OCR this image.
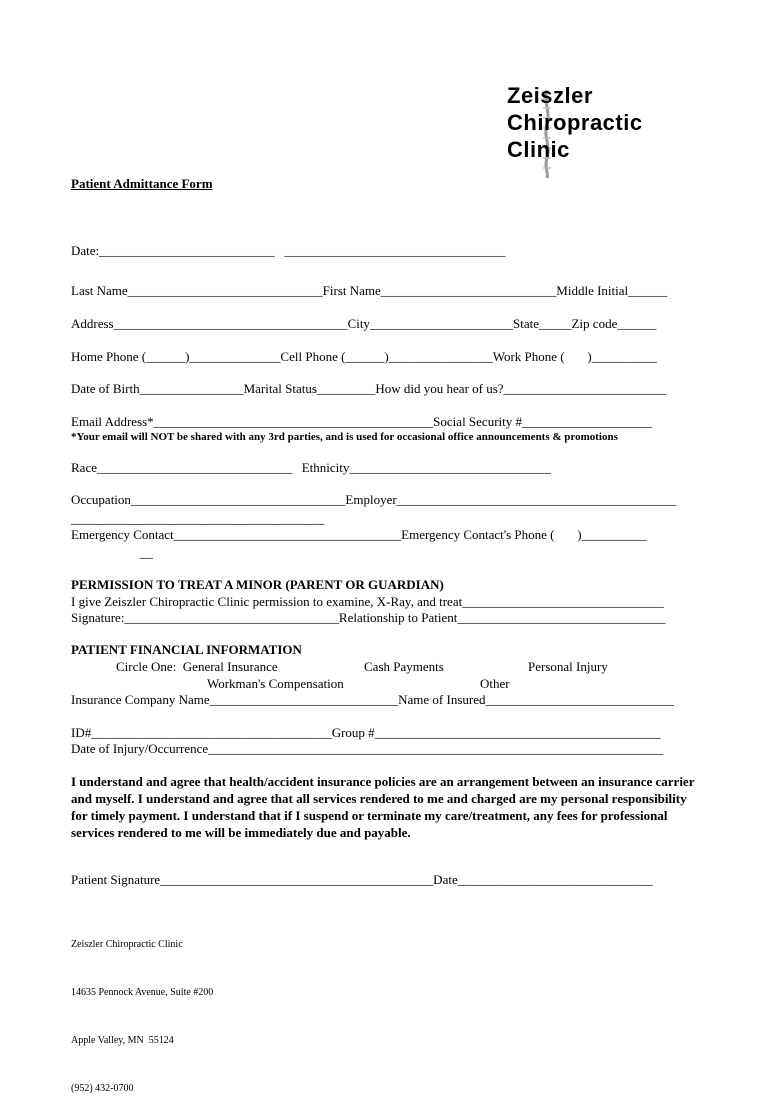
Zeiszler

Chiropractic

Clinic

Patient Admittance Form
Date:___________________________   __________________________________
Last Name______________________________First Name___________________________Middle Initial______
Address____________________________________City______________________State_____Zip code______
Home Phone (______)______________Cell Phone (______)________________Work Phone (       )__________
Date of Birth________________Marital Status_________How did you hear of us?_________________________
Email Address*___________________________________________Social Security #____________________
*Your email will NOT be shared with any 3rd parties, and is used for occasional office announcements & promotions
Race______________________________   Ethnicity_______________________________
Occupation_________________________________Employer___________________________________________
_______________________________________
Emergency Contact___________________________________Emergency Contact's Phone (       )__________
__
PERMISSION TO TREAT A MINOR (PARENT OR GUARDIAN)
I give Zeiszler Chiropractic Clinic permission to examine, X-Ray, and treat_______________________________
Signature:_________________________________Relationship to Patient________________________________
PATIENT FINANCIAL INFORMATION
Circle One:  General Insurance	Cash Payments	Personal Injury
Workman's Compensation	Other
Insurance Company Name_____________________________Name of Insured_____________________________
ID#_____________________________________Group #____________________________________________
Date of Injury/Occurrence______________________________________________________________________
I understand and agree that health/accident insurance policies are an arrangement between an insurance carrier and myself. I understand and agree that all services rendered to me and charged are my personal responsibility for timely payment. I understand that if I suspend or terminate my care/treatment, any fees for professional services rendered to me will be immediately due and payable.
Patient Signature__________________________________________Date______________________________

Zeiszler Chiropractic Clinic

14635 Pennock Avenue, Suite #200

Apple Valley, MN  55124

(952) 432-0700
